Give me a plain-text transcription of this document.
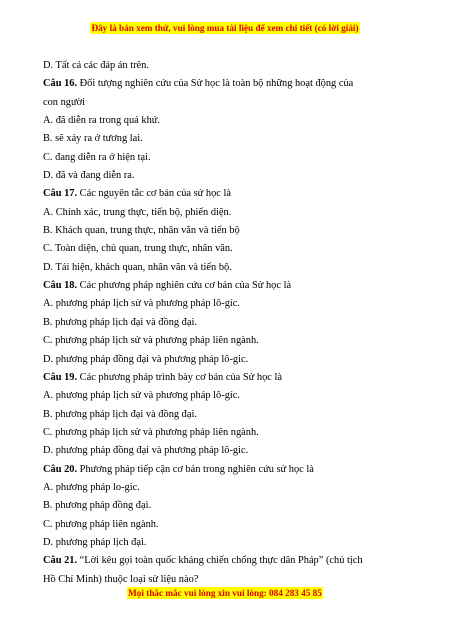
Đây là bản xem thử, vui lòng mua tài liệu để xem chi tiết (có lời giải)
D. Tất cả các đáp án trên.
Câu 16. Đối tượng nghiên cứu của Sử học là toàn bộ những hoạt động của
con người
A. đã diễn ra trong quá khứ.
B. sẽ xảy ra ở tương lai.
C. đang diễn ra ở hiện tại.
D. đã và đang diễn ra.
Câu 17. Các nguyên tắc cơ bản của sử học là
A. Chính xác, trung thực, tiến bộ, phiến diện.
B. Khách quan, trung thực, nhân văn và tiến bộ
C. Toàn diện, chủ quan, trung thực, nhân văn.
D. Tái hiện, khách quan, nhân văn và tiến bộ.
Câu 18. Các phương pháp nghiên cứu cơ bản của Sử học là
A. phương pháp lịch sử và phương pháp lô-gíc.
B. phương pháp lịch đại và đồng đại.
C. phương pháp lịch sử và phương pháp liên ngành.
D. phương pháp đồng đại và phương pháp lô-gic.
Câu 19. Các phương pháp trình bày cơ bản của Sử học là
A. phương pháp lịch sử và phương pháp lô-gíc.
B. phương pháp lịch đại và đồng đại.
C. phương pháp lịch sử và phương pháp liên ngành.
D. phương pháp đồng đại và phương pháp lô-gic.
Câu 20. Phương pháp tiếp cận cơ bản trong nghiên cứu sử học là
A. phương pháp lo-gic.
B. phương pháp đồng đại.
C. phương pháp liên ngành.
D. phương pháp lịch đại.
Câu 21. “Lời kêu gọi toàn quốc kháng chiến chống thực dân Pháp” (chủ tịch
Hồ Chí Minh) thuộc loại sử liệu nào?
Mọi thắc mắc vui lòng xin vui lòng: 084 283 45 85
